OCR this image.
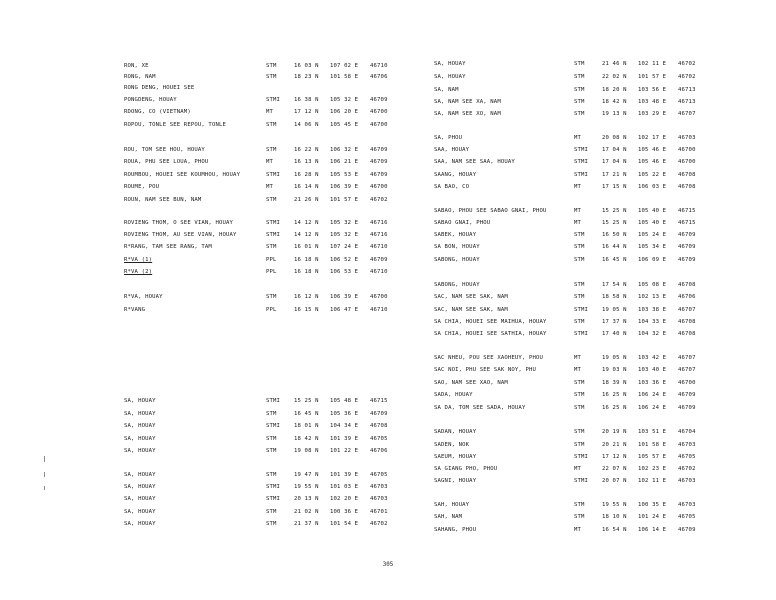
RON, XE	STM	16 03 N	107 02 E	46710
RONG, NAM	STM	18 23 N	101 58 E	46706
RONG DENG, HOUEI SEE
PONGDENG, HOUAY	STMI	16 38 N	105 32 E	46709
RDONG, CO (VIETNAM)	MT	17 12 N	106 20 E	46700
ROPOU, TONLE SEE REPOU, TONLE	STM	14 06 N	105 45 E	46700
ROU, TOM SEE HOU, HOUAY	STM	16 22 N	106 32 E	46709
ROUA, PHU SEE LOUA, PHOU	MT	16 13 N	106 21 E	46709
ROUMBOU, HOUEI SEE KOUMHOU, HOUAY	STMI	16 28 N	105 53 E	46709
ROUME, POU	MT	16 14 N	106 39 E	46700
ROUN, NAM SEE BUN, NAM	STM	21 26 N	101 57 E	46702
ROVIENG THOM, O SEE VIAN, HOUAY	STMI	14 12 N	105 32 E	46716
ROVIENG THOM, AU SEE VIAN, HOUAY	STMI	14 12 N	105 32 E	46716
R*RANG, TAM SEE RANG, TAM	STM	16 01 N	107 24 E	46710
R*VA (1)	PPL	16 18 N	106 52 E	46709
R*VA (2)	PPL	16 18 N	106 53 E	46710
R*VA, HOUAY	STM	16 12 N	106 39 E	46700
R*VANG	PPL	16 15 N	106 47 E	46710
SA, HOUAY	STMI	15 25 N	105 48 E	46715
SA, HOUAY	STM	16 45 N	105 36 E	46709
SA, HOUAY	STMI	18 01 N	104 34 E	46708
SA, HOUAY	STM	18 42 N	101 39 E	46705
SA, HOUAY	STM	19 08 N	101 22 E	46706
SA, HOUAY	STM	19 47 N	101 39 E	46705
SA, HOUAY	STMI	19 55 N	101 03 E	46703
SA, HOUAY	STMI	20 13 N	102 20 E	46703
SA, HOUAY	STM	21 02 N	100 36 E	46701
SA, HOUAY	STM	21 37 N	101 54 E	46702
SA, HOUAY	STM	21 46 N	102 11 E	46702
SA, HOUAY	STM	22 02 N	101 57 E	46702
SA, NAM	STM	18 20 N	103 56 E	46713
SA, NAM SEE XA, NAM	STM	18 42 N	103 48 E	46713
SA, NAM SEE XO, NAM	STM	19 13 N	103 29 E	46707
SA, PHOU	MT	20 08 N	102 17 E	46703
SAA, HOUAY	STMI	17 04 N	105 46 E	46700
SAA, NAM SEE SAA, HOUAY	STMI	17 04 N	105 46 E	46700
SAANG, HOUAY	STMI	17 21 N	105 22 E	46708
SA BAO, CO	MT	17 15 N	106 03 E	46708
SABAO, PHOU SEE SABAO GNAI, PHOU	MT	15 25 N	105 40 E	46715
SABAO GNAI, PHOU	MT	15 25 N	105 40 E	46715
SABEK, HOUAY	STM	16 50 N	105 24 E	46709
SA BON, HOUAY	STM	16 44 N	105 34 E	46709
SABONG, HOUAY	STM	16 45 N	106 09 E	46709
SABONG, HOUAY	STM	17 54 N	105 08 E	46708
SAC, NAM SEE SAK, NAM	STM	18 58 N	102 13 E	46706
SAC, NAM SEE SAK, NAM	STMI	19 05 N	103 38 E	46707
SA CHIA, HOUEI SEE MAIHUA, HOUAY	STM	17 37 N	104 33 E	46708
SA CHIA, HOUEI SEE SATHIA, HOUAY	STMI	17 40 N	104 32 E	46708
SAC NHEU, POU SEE XAOHEUY, PHOU	MT	19 05 N	103 42 E	46707
SAC NOI, PHU SEE SAK NOY, PHU	MT	19 03 N	103 40 E	46707
SAO, NAM SEE XAO, NAM	STM	18 39 N	103 36 E	46700
SADA, HOUAY	STM	16 25 N	106 24 E	46709
SA DA, TOM SEE SADA, HOUAY	STM	16 25 N	106 24 E	46709
SADAN, HOUAY	STM	20 19 N	103 51 E	46704
SADEN, NOK	STM	20 21 N	101 58 E	46703
SAEUM, HOUAY	STMI	17 12 N	105 57 E	46705
SA GIANG PHO, PHOU	MT	22 07 N	102 23 E	46702
SAGNI, HOUAY	STMI	20 07 N	102 11 E	46703
SAH, HOUAY	STM	19 55 N	100 35 E	46703
SAH, NAM	STM	18 10 N	101 24 E	46705
SAHANG, PHOU	MT	16 54 N	106 14 E	46709
305
